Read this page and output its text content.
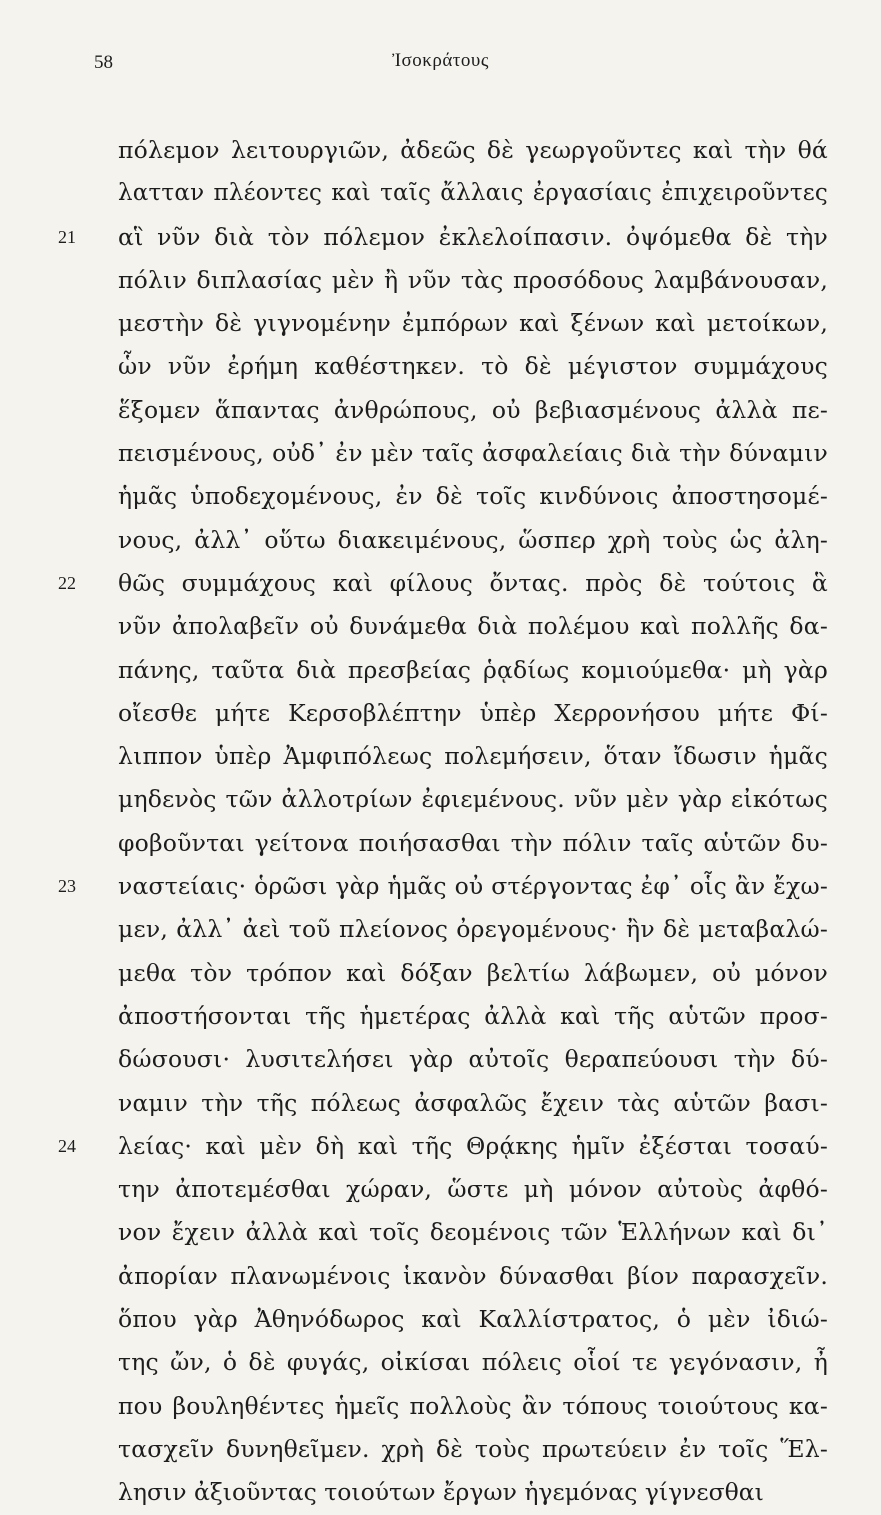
58	Ἰσοκράτους
πόλεμον λειτουργιῶν, ἀδεῶς δὲ γεωργοῦντες καὶ τὴν θά
λατταν πλέοντες καὶ ταῖς ἄλλαις ἐργασίαις ἐπιχειροῦντες
21 αἳ νῦν διὰ τὸν πόλεμον ἐκλελοίπασιν. ὀψόμεθα δὲ τὴν
πόλιν διπλασίας μὲν ἢ νῦν τὰς προσόδους λαμβάνουσαν,
μεστὴν δὲ γιγνομένην ἐμπόρων καὶ ξένων καὶ μετοίκων,
ὧν νῦν ἐρήμη καθέστηκεν. τὸ δὲ μέγιστον συμμάχους
ἕξομεν ἅπαντας ἀνθρώπους, οὐ βεβιασμένους ἀλλὰ πε-
πεισμένους, οὐδ᾽ ἐν μὲν ταῖς ἀσφαλείαις διὰ τὴν δύναμιν
ἡμᾶς ὑποδεχομένους, ἐν δὲ τοῖς κινδύνοις ἀποστησομέ-
νους, ἀλλ᾽ οὕτω διακειμένους, ὥσπερ χρὴ τοὺς ὡς ἀλη-
22 θῶς συμμάχους καὶ φίλους ὄντας. πρὸς δὲ τούτοις ἃ
νῦν ἀπολαβεῖν οὐ δυνάμεθα διὰ πολέμου καὶ πολλῆς δα-
πάνης, ταῦτα διὰ πρεσβείας ῥᾳδίως κομιούμεθα· μὴ γὰρ
οἴεσθε μήτε Κερσοβλέπτην ὑπὲρ Χερρονήσου μήτε Φί-
λιππον ὑπὲρ Ἀμφιπόλεως πολεμήσειν, ὅταν ἴδωσιν ἡμᾶς
μηδενὸς τῶν ἀλλοτρίων ἐφιεμένους. νῦν μὲν γὰρ εἰκότως
φοβοῦνται γείτονα ποιήσασθαι τὴν πόλιν ταῖς αὑτῶν δυ-
23 ναστείαις· ὁρῶσι γὰρ ἡμᾶς οὐ στέργοντας ἐφ᾽ οἷς ἂν ἔχω-
μεν, ἀλλ᾽ ἀεὶ τοῦ πλείονος ὀρεγομένους· ἢν δὲ μεταβαλώ-
μεθα τὸν τρόπον καὶ δόξαν βελτίω λάβωμεν, οὐ μόνον
ἀποστήσονται τῆς ἡμετέρας ἀλλὰ καὶ τῆς αὑτῶν προσ-
δώσουσι· λυσιτελήσει γὰρ αὐτοῖς θεραπεύουσι τὴν δύ-
ναμιν τὴν τῆς πόλεως ἀσφαλῶς ἔχειν τὰς αὑτῶν βασι-
24 λείας· καὶ μὲν δὴ καὶ τῆς Θρᾴκης ἡμῖν ἐξέσται τοσαύ-
την ἀποτεμέσθαι χώραν, ὥστε μὴ μόνον αὐτοὺς ἀφθό-
νον ἔχειν ἀλλὰ καὶ τοῖς δεομένοις τῶν Ἑλλήνων καὶ δι᾽
ἀπορίαν πλανωμένοις ἱκανὸν δύνασθαι βίον παρασχεῖν.
ὅπου γὰρ Ἀθηνόδωρος καὶ Καλλίστρατος, ὁ μὲν ἰδιώ-
της ὤν, ὁ δὲ φυγάς, οἰκίσαι πόλεις οἷοί τε γεγόνασιν, ἦ
που βουληθέντες ἡμεῖς πολλοὺς ἂν τόπους τοιούτους κα-
τασχεῖν δυνηθεῖμεν. χρὴ δὲ τοὺς πρωτεύειν ἐν τοῖς Ἕλ-
λησιν ἀξιοῦντας τοιούτων ἔργων ἡγεμόνας γίγνεσθαι
